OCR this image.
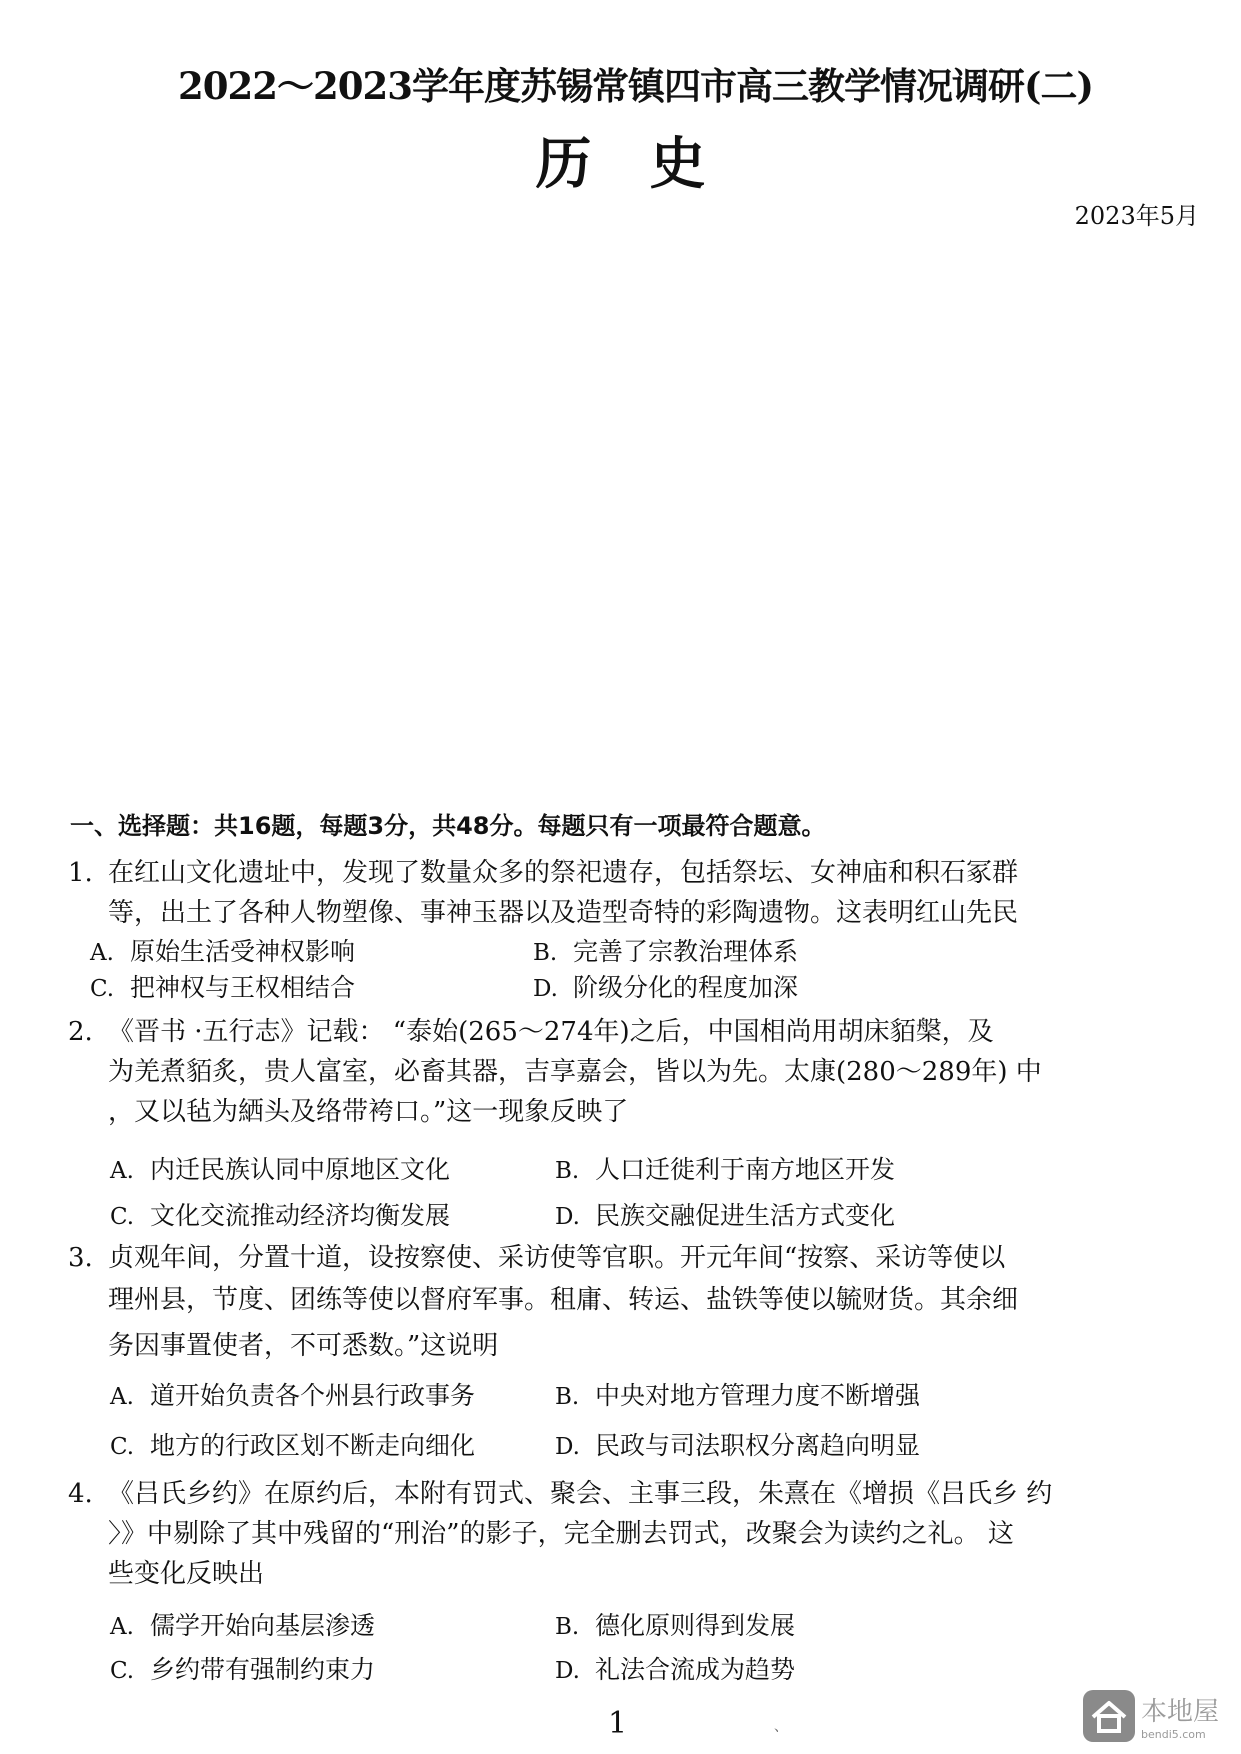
2022～2023学年度苏锡常镇四市高三教学情况调研(二)
历史
2023年5月
一、选择题：共16题，每题3分，共48分。每题只有一项最符合题意。
1. 在红山文化遗址中，发现了数量众多的祭祀遗存，包括祭坛、女神庙和积石冢群
等，出土了各种人物塑像、事神玉器以及造型奇特的彩陶遗物。这表明红山先民
A. 原始生活受神权影响	B. 完善了宗教治理体系
C. 把神权与王权相结合	D. 阶级分化的程度加深
2. 《晋书 ·五行志》记载： “泰始(265～274年)之后，中国相尚用胡床貊槃，及
为羌煮貊炙，贵人富室，必畜其器，吉享嘉会，皆以为先。太康(280～289年) 中
，又以毡为絤头及络带袴口。”这一现象反映了
A. 内迁民族认同中原地区文化	B. 人口迁徙利于南方地区开发
C. 文化交流推动经济均衡发展	D. 民族交融促进生活方式变化
3. 贞观年间，分置十道，设按察使、采访使等官职。开元年间“按察、采访等使以
理州县，节度、团练等使以督府军事。租庸、转运、盐铁等使以毓财货。其余细
务因事置使者，不可悉数。”这说明
A. 道开始负责各个州县行政事务	B. 中央对地方管理力度不断增强
C. 地方的行政区划不断走向细化	D. 民政与司法职权分离趋向明显
4. 《吕氏乡约》在原约后，本附有罚式、聚会、主事三段，朱熹在《增损《吕氏乡 约
〉》中剔除了其中残留的“刑治”的影子，完全删去罚式，改聚会为读约之礼。 这
些变化反映出
A. 儒学开始向基层渗透	B. 德化原则得到发展
C. 乡约带有强制约束力	D. 礼法合流成为趋势
1	、	本地屋
bendi5.com
